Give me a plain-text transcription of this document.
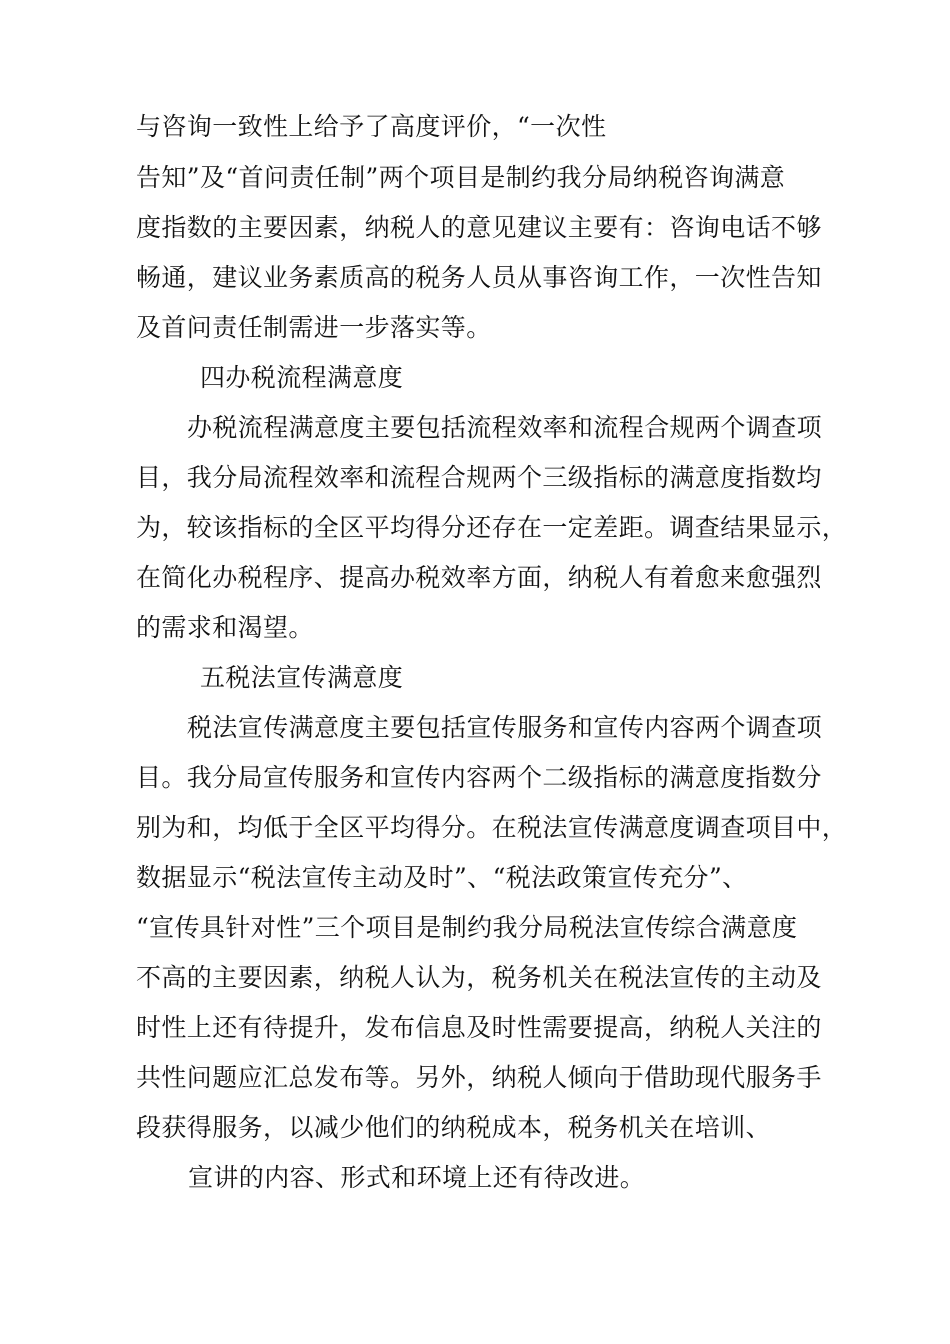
与咨询一致性上给予了高度评价，“一次性
告知”及“首问责任制”两个项目是制约我分局纳税咨询满意
度指数的主要因素，纳税人的意见建议主要有：咨询电话不够
畅通，建议业务素质高的税务人员从事咨询工作，一次性告知
及首问责任制需进一步落实等。
四办税流程满意度
办税流程满意度主要包括流程效率和流程合规两个调查项
目，我分局流程效率和流程合规两个三级指标的满意度指数均
为，较该指标的全区平均得分还存在一定差距。调查结果显示，
在简化办税程序、提高办税效率方面，纳税人有着愈来愈强烈
的需求和渴望。
五税法宣传满意度
税法宣传满意度主要包括宣传服务和宣传内容两个调查项
目。我分局宣传服务和宣传内容两个二级指标的满意度指数分
别为和，均低于全区平均得分。在税法宣传满意度调查项目中，
数据显示“税法宣传主动及时”、“税法政策宣传充分”、
“宣传具针对性”三个项目是制约我分局税法宣传综合满意度
不高的主要因素，纳税人认为，税务机关在税法宣传的主动及
时性上还有待提升，发布信息及时性需要提高，纳税人关注的
共性问题应汇总发布等。另外，纳税人倾向于借助现代服务手
段获得服务，以减少他们的纳税成本，税务机关在培训、
宣讲的内容、形式和环境上还有待改进。
